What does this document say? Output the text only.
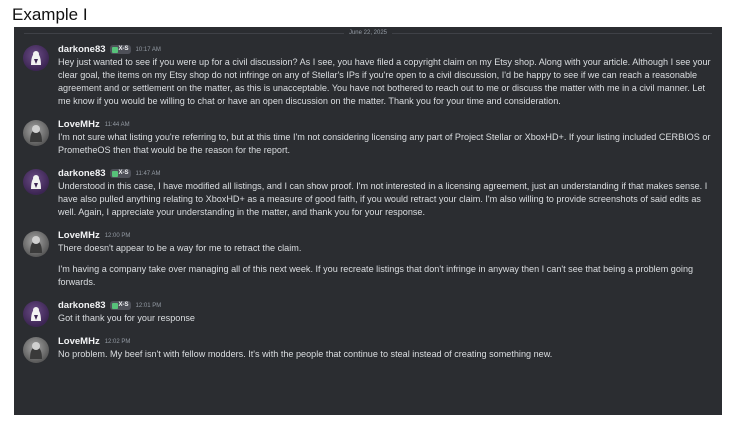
Example I
June 22, 2025
darkone83 X-S 10:17 AM

Hey just wanted to see if you were up for a civil discussion? As I see, you have filed a copyright claim on my Etsy shop. Along with your article. Although I see your clear goal, the items on my Etsy shop do not infringe on any of Stellar's IPs if you're open to a civil discussion, I'd be happy to see if we can reach a reasonable agreement and or settlement on the matter, as this is unacceptable. You have not bothered to reach out to me or discuss the matter with me in a civil manner. Let me know if you would be willing to chat or have an open discussion on the matter. Thank you for your time and consideration.

LoveMHz 11:44 AM

I'm not sure what listing you're referring to, but at this time I'm not considering licensing any part of Project Stellar or XboxHD+. If your listing included CERBIOS or PrometheOS then that would be the reason for the report.

darkone83 X-S 11:47 AM

Understood in this case, I have modified all listings, and I can show proof. I'm not interested in a licensing agreement, just an understanding if that makes sense. I have also pulled anything relating to XboxHD+ as a measure of good faith, if you would retract your claim. I'm also willing to provide screenshots of said edits as well. Again, I appreciate your understanding in the matter, and thank you for your response.

LoveMHz 12:00 PM

There doesn't appear to be a way for me to retract the claim.

I'm having a company take over managing all of this next week. If you recreate listings that don't infringe in anyway then I can't see that being a problem going forwards.

darkone83 X-S 12:01 PM

Got it thank you for your response

LoveMHz 12:02 PM

No problem. My beef isn't with fellow modders. It's with the people that continue to steal instead of creating something new.
